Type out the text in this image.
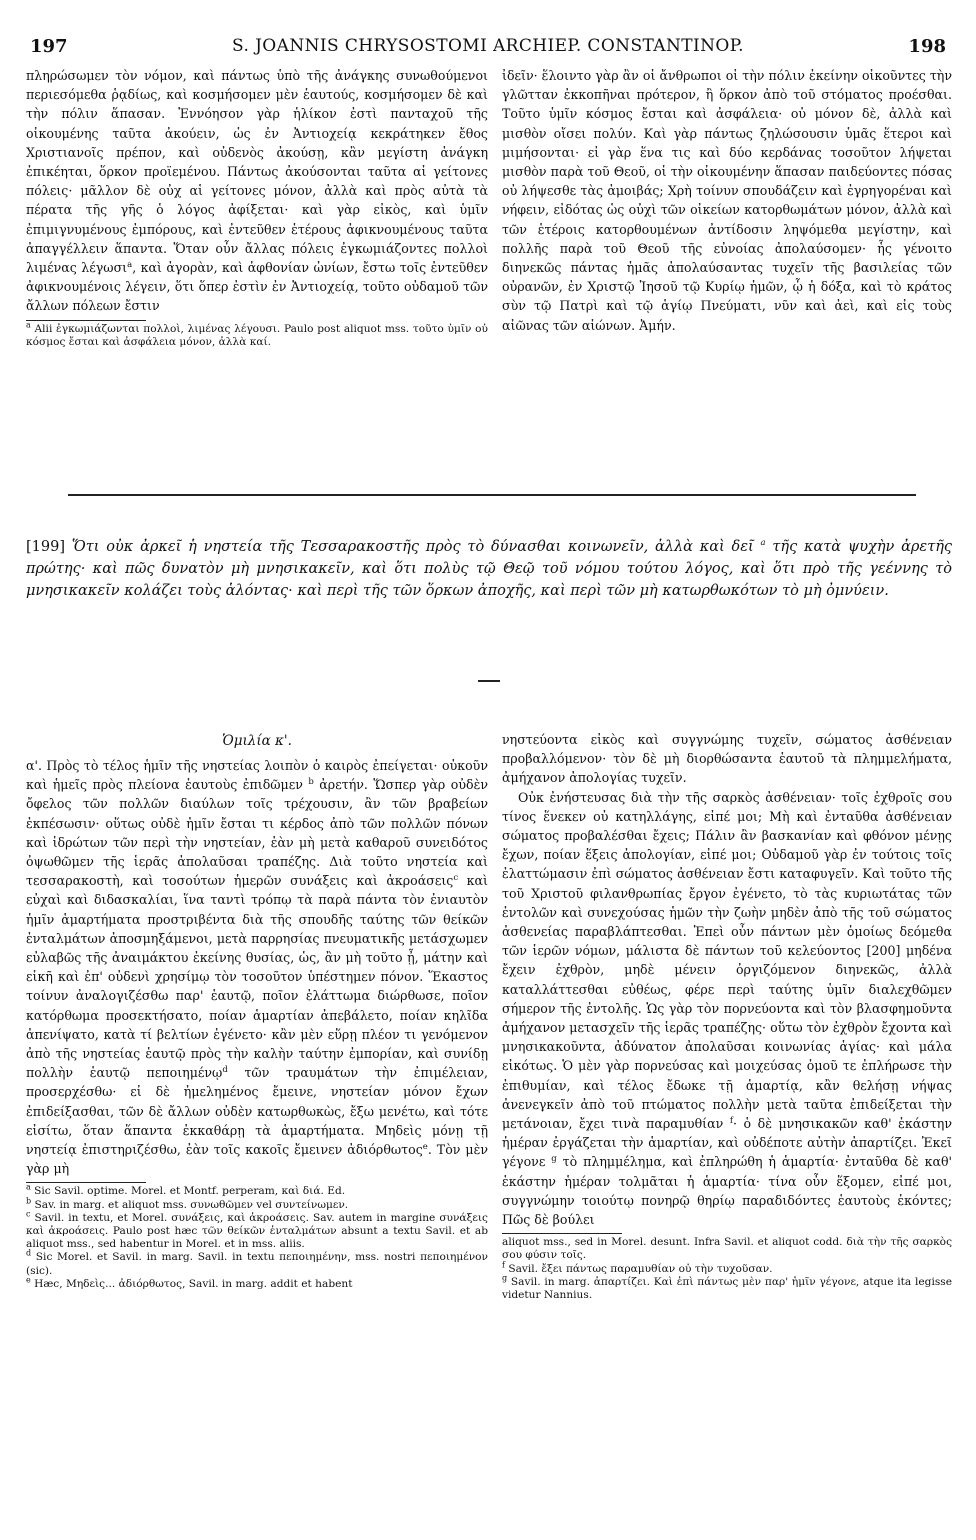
197	S. JOANNIS CHRYSOSTOMI ARCHIEP. CONSTANTINOP.	198

πληρώσωμεν τὸν νόμον, καὶ πάντως ὑπὸ τῆς ἀνάγκης συνωθούμενοι περιεσόμεθα ῥᾳδίως, καὶ κοσμήσομεν μὲν ἑαυτούς, κοσμήσομεν δὲ καὶ τὴν πόλιν ἅπασαν. Ἐννόησον γὰρ ἡλίκον ἐστὶ πανταχοῦ τῆς οἰκουμένης ταῦτα ἀκούειν, ὡς ἐν Ἀντιοχείᾳ κεκράτηκεν ἔθος Χριστιανοῖς πρέπον, καὶ οὐδενὸς ἀκούσῃ, κἂν μεγίστη ἀνάγκη ἐπικέηται, ὅρκον προϊεμένου. Πάντως ἀκούσονται ταῦτα αἱ γείτονες πόλεις· μᾶλλον δὲ οὐχ αἱ γείτονες μόνον, ἀλλὰ καὶ πρὸς αὐτὰ τὰ πέρατα τῆς γῆς ὁ λόγος ἀφίξεται· καὶ γὰρ εἰκὸς, καὶ ὑμῖν ἐπιμιγνυμένους ἐμπόρους, καὶ ἐντεῦθεν ἑτέρους ἀφικνουμένους ταῦτα ἀπαγγέλλειν ἅπαντα. Ὅταν οὖν ἄλλας πόλεις ἐγκωμιάζοντες πολλοὶ λιμένας λέγωσι$^a$, καὶ ἀγορὰν, καὶ ἀφθονίαν ὠνίων, ἔστω τοῖς ἐντεῦθεν ἀφικνουμένοις λέγειν, ὅτι ὅπερ ἐστὶν ἐν Ἀντιοχείᾳ, τοῦτο οὐδαμοῦ τῶν ἄλλων πόλεων ἔστιν

$^a$ Alii ἐγκωμιάζωνται πολλοὶ, λιμένας λέγουσι. Paulo post aliquot mss. τοῦτο ὑμῖν οὐ κόσμος ἔσται καὶ ἀσφάλεια μόνον, ἀλλὰ καί.

ἰδεῖν· ἕλοιντο γὰρ ἂν οἱ ἄνθρωποι οἱ τὴν πόλιν ἐκείνην οἰκοῦντες τὴν γλῶτταν ἐκκοπῆναι πρότερον, ἢ ὅρκον ἀπὸ τοῦ στόματος προέσθαι. Τοῦτο ὑμῖν κόσμος ἔσται καὶ ἀσφάλεια· οὐ μόνον δὲ, ἀλλὰ καὶ μισθὸν οἴσει πολύν. Καὶ γὰρ πάντως ζηλώσουσιν ὑμᾶς ἕτεροι καὶ μιμήσονται· εἰ γὰρ ἕνα τις καὶ δύο κερδάνας τοσοῦτον λήψεται μισθὸν παρὰ τοῦ Θεοῦ, οἱ τὴν οἰκουμένην ἅπασαν παιδεύοντες πόσας οὐ λήψεσθε τὰς ἀμοιβάς; Χρὴ τοίνυν σπουδάζειν καὶ ἐγρηγορέναι καὶ νήφειν, εἰδότας ὡς οὐχὶ τῶν οἰκείων κατορθωμάτων μόνον, ἀλλὰ καὶ τῶν ἑτέροις κατορθουμένων ἀντίδοσιν ληψόμεθα μεγίστην, καὶ πολλῆς παρὰ τοῦ Θεοῦ τῆς εὐνοίας ἀπολαύσομεν· ἧς γένοιτο διηνεκῶς πάντας ἡμᾶς ἀπολαύσαντας τυχεῖν τῆς βασιλείας τῶν οὐρανῶν, ἐν Χριστῷ Ἰησοῦ τῷ Κυρίῳ ἡμῶν, ᾧ ἡ δόξα, καὶ τὸ κράτος σὺν τῷ Πατρὶ καὶ τῷ ἁγίῳ Πνεύματι, νῦν καὶ ἀεὶ, καὶ εἰς τοὺς αἰῶνας τῶν αἰώνων. Ἀμήν.

[199] Ὅτι οὐκ ἀρκεῖ ἡ νηστεία τῆς Τεσσαρακοστῆς πρὸς τὸ δύνασθαι κοινωνεῖν, ἀλλὰ καὶ δεῖ $^a$ τῆς κατὰ ψυχὴν ἀρετῆς πρώτης· καὶ πῶς δυνατὸν μὴ μνησικακεῖν, καὶ ὅτι πολὺς τῷ Θεῷ τοῦ νόμου τούτου λόγος, καὶ ὅτι πρὸ τῆς γεέννης τὸ μνησικακεῖν κολάζει τοὺς ἁλόντας· καὶ περὶ τῆς τῶν ὅρκων ἀποχῆς, καὶ περὶ τῶν μὴ κατωρθωκότων τὸ μὴ ὀμνύειν.

Ὁμιλία κ'.

α'. Πρὸς τὸ τέλος ἡμῖν τῆς νηστείας λοιπὸν ὁ καιρὸς ἐπείγεται· οὐκοῦν καὶ ἡμεῖς πρὸς πλείονα ἑαυτοὺς ἐπιδῶμεν $^b$ ἀρετήν. Ὥσπερ γὰρ οὐδὲν ὄφελος τῶν πολλῶν διαύλων τοῖς τρέχουσιν, ἂν τῶν βραβείων ἐκπέσωσιν· οὕτως οὐδὲ ἡμῖν ἔσται τι κέρδος ἀπὸ τῶν πολλῶν πόνων καὶ ἱδρώτων τῶν περὶ τὴν νηστείαν, ἐὰν μὴ μετὰ καθαροῦ συνειδότος ὀψωθῶμεν τῆς ἱερᾶς ἀπολαῦσαι τραπέζης. Διὰ τοῦτο νηστεία καὶ τεσσαρακοστὴ, καὶ τοσούτων ἡμερῶν συνάξεις καὶ ἀκροάσεις$^c$ καὶ εὐχαὶ καὶ διδασκαλίαι, ἵνα ταντὶ τρόπῳ τὰ παρὰ πάντα τὸν ἐνιαυτὸν ἡμῖν ἁμαρτήματα προστριβέντα διὰ τῆς σπουδῆς ταύτης τῶν θείκῶν ἐνταλμάτων ἀποσμηξάμενοι, μετὰ παρρησίας πνευματικῆς μετάσχωμεν εὐλαβῶς τῆς ἀναιμάκτου ἐκείνης θυσίας, ὡς, ἂν μὴ τοῦτο ᾖ, μάτην καὶ εἰκῆ καὶ ἐπ' οὐδενὶ χρησίμῳ τὸν τοσοῦτον ὑπέστημεν πόνον. Ἕκαστος τοίνυν ἀναλογιζέσθω παρ' ἑαυτῷ, ποῖον ἐλάττωμα διώρθωσε, ποῖον κατόρθωμα προσεκτήσατο, ποίαν ἁμαρτίαν ἀπεβάλετο, ποίαν κηλῖδα ἀπενίψατο, κατὰ τί βελτίων ἐγένετο· κἂν μὲν εὕρῃ πλέον τι γενόμενον ἀπὸ τῆς νηστείας ἑαυτῷ πρὸς τὴν καλὴν ταύτην ἐμπορίαν, καὶ συνίδῃ πολλὴν ἑαυτῷ πεποιημένῳ$^d$ τῶν τραυμάτων τὴν ἐπιμέλειαν, προσερχέσθω· εἰ δὲ ἠμελημένος ἔμεινε, νηστείαν μόνον ἔχων ἐπιδείξασθαι, τῶν δὲ ἄλλων οὐδὲν κατωρθωκὼς, ἔξω μενέτω, καὶ τότε εἰσίτω, ὅταν ἅπαντα ἐκκαθάρῃ τὰ ἁμαρτήματα. Μηδεὶς μόνῃ τῇ νηστείᾳ ἐπιστηριζέσθω, ἐὰν τοῖς κακοῖς ἔμεινεν ἀδιόρθωτος$^e$. Τὸν μὲν γὰρ μὴ

$^a$ Sic Savil. optime. Morel. et Montf. perperam, καὶ διά. Ed.

$^b$ Sav. in marg. et aliquot mss. συνωθῶμεν vel συντείνωμεν.

$^c$ Savil. in textu, et Morel. συνάξεις, καὶ ἀκροάσεις. Sav. autem in margine συνάξεις καὶ ἀκροάσεις. Paulo post hæc τῶν θείκῶν ἐνταλμάτων absunt a textu Savil. et ab aliquot mss., sed habentur in Morel. et in mss. aliis.

$^d$ Sic Morel. et Savil. in marg. Savil. in textu πεποιημένην, mss. nostri πεποιημένον (sic).

$^e$ Hæc, Μηδεὶς... ἀδιόρθωτος, Savil. in marg. addit et habent

νηστεύοντα εἰκὸς καὶ συγγνώμης τυχεῖν, σώματος ἀσθένειαν προβαλλόμενον· τὸν δὲ μὴ διορθώσαντα ἑαυτοῦ τὰ πλημμελήματα, ἀμήχανον ἀπολογίας τυχεῖν.

Οὐκ ἐνήστευσας διὰ τὴν τῆς σαρκὸς ἀσθένειαν· τοῖς ἐχθροῖς σου τίνος ἕνεκεν οὐ κατηλλάγης, εἰπέ μοι; Μὴ καὶ ἐνταῦθα ἀσθένειαν σώματος προβαλέσθαι ἔχεις; Πάλιν ἂν βασκανίαν καὶ φθόνον μένῃς ἔχων, ποίαν ἕξεις ἀπολογίαν, εἰπέ μοι; Οὐδαμοῦ γὰρ ἐν τούτοις τοῖς ἐλαττώμασιν ἐπὶ σώματος ἀσθένειαν ἔστι καταφυγεῖν. Καὶ τοῦτο τῆς τοῦ Χριστοῦ φιλανθρωπίας ἔργον ἐγένετο, τὸ τὰς κυριωτάτας τῶν ἐντολῶν καὶ συνεχούσας ἡμῶν τὴν ζωὴν μηδὲν ἀπὸ τῆς τοῦ σώματος ἀσθενείας παραβλάπτεσθαι. Ἐπεὶ οὖν πάντων μὲν ὁμοίως δεόμεθα τῶν ἱερῶν νόμων, μάλιστα δὲ πάντων τοῦ κελεύοντος [200] μηδένα ἔχειν ἐχθρὸν, μηδὲ μένειν ὀργιζόμενον διηνεκῶς, ἀλλὰ καταλλάττεσθαι εὐθέως, φέρε περὶ ταύτης ὑμῖν διαλεχθῶμεν σήμερον τῆς ἐντολῆς. Ὡς γὰρ τὸν πορνεύοντα καὶ τὸν βλασφημοῦντα ἀμήχανον μετασχεῖν τῆς ἱερᾶς τραπέζης· οὕτω τὸν ἐχθρὸν ἔχοντα καὶ μνησικακοῦντα, ἀδύνατον ἀπολαῦσαι κοινωνίας ἁγίας· καὶ μάλα εἰκότως. Ὁ μὲν γὰρ πορνεύσας καὶ μοιχεύσας ὁμοῦ τε ἐπλήρωσε τὴν ἐπιθυμίαν, καὶ τέλος ἔδωκε τῇ ἁμαρτίᾳ, κἂν θελήσῃ νήψας ἀνενεγκεῖν ἀπὸ τοῦ πτώματος πολλὴν μετὰ ταῦτα ἐπιδείξεται τὴν μετάνοιαν, ἔχει τινὰ παραμυθίαν $^f$· ὁ δὲ μνησικακῶν καθ' ἑκάστην ἡμέραν ἐργάζεται τὴν ἁμαρτίαν, καὶ οὐδέποτε αὐτὴν ἀπαρτίζει. Ἐκεῖ γέγονε $^g$ τὸ πλημμέλημα, καὶ ἐπληρώθη ἡ ἁμαρτία· ἐνταῦθα δὲ καθ' ἑκάστην ἡμέραν τολμᾶται ἡ ἁμαρτία· τίνα οὖν ἕξομεν, εἰπέ μοι, συγγνώμην τοιούτῳ πονηρῷ θηρίῳ παραδιδόντες ἑαυτοὺς ἑκόντες; Πῶς δὲ βούλει

aliquot mss., sed in Morel. desunt. Infra Savil. et aliquot codd. διὰ τὴν τῆς σαρκὸς σου φύσιν τοῖς.

$^f$ Savil. ἔξει πάντως παραμυθίαν οὐ τὴν τυχοῦσαν.

$^g$ Savil. in marg. ἀπαρτίζει. Καὶ ἐπὶ πάντως μὲν παρ' ἡμῖν γέγονε, atque ita legisse videtur Nannius.
